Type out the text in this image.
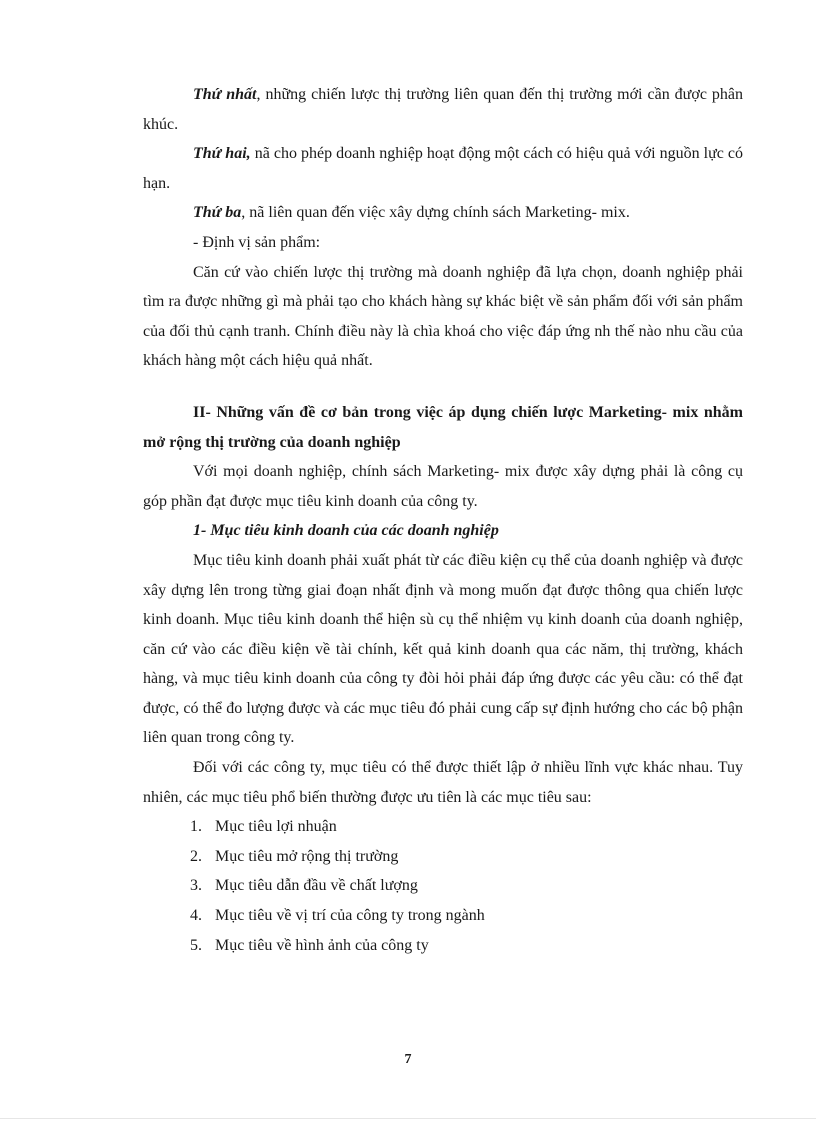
Thứ nhất, những chiến lược thị trường liên quan đến thị trường mới cần được phân khúc.

Thứ hai, nã cho phép doanh nghiệp hoạt động một cách có hiệu quả với nguồn lực có hạn.

Thứ ba, nã liên quan đến việc xây dựng chính sách Marketing- mix.

- Định vị sản phẩm:

Căn cứ vào chiến lược thị trường mà doanh nghiệp đã lựa chọn, doanh nghiệp phải tìm ra được những gì mà phải tạo cho khách hàng sự khác biệt về sản phẩm đối với sản phẩm của đối thủ cạnh tranh. Chính điều này là chìa khoá cho việc đáp ứng nh thế nào nhu cầu của khách hàng một cách hiệu quả nhất.

II- Những vấn đề cơ bản trong việc áp dụng chiến lược Marketing- mix nhằm mở rộng thị trường của doanh nghiệp

Với mọi doanh nghiệp, chính sách Marketing- mix được xây dựng phải là công cụ góp phần đạt được mục tiêu kinh doanh của công ty.

1- Mục tiêu kinh doanh của các doanh nghiệp

Mục tiêu kinh doanh phải xuất phát từ các điều kiện cụ thể của doanh nghiệp và được xây dựng lên trong từng giai đoạn nhất định và mong muốn đạt được thông qua chiến lược kinh doanh. Mục tiêu kinh doanh thể hiện sù cụ thể nhiệm vụ kinh doanh của doanh nghiệp, căn cứ vào các điều kiện về tài chính, kết quả kinh doanh qua các năm, thị trường, khách hàng, và mục tiêu kinh doanh của công ty đòi hỏi phải đáp ứng được các yêu cầu: có thể đạt được, có thể đo lượng được và các mục tiêu đó phải cung cấp sự định hướng cho các bộ phận liên quan trong công ty.

Đối với các công ty, mục tiêu có thể được thiết lập ở nhiều lĩnh vực khác nhau. Tuy nhiên, các mục tiêu phổ biến thường được ưu tiên là các mục tiêu sau:

1. Mục tiêu lợi nhuận
2. Mục tiêu mở rộng thị trường
3. Mục tiêu dẫn đầu về chất lượng
4. Mục tiêu về vị trí của công ty trong ngành
5. Mục tiêu về hình ảnh của công ty
7
